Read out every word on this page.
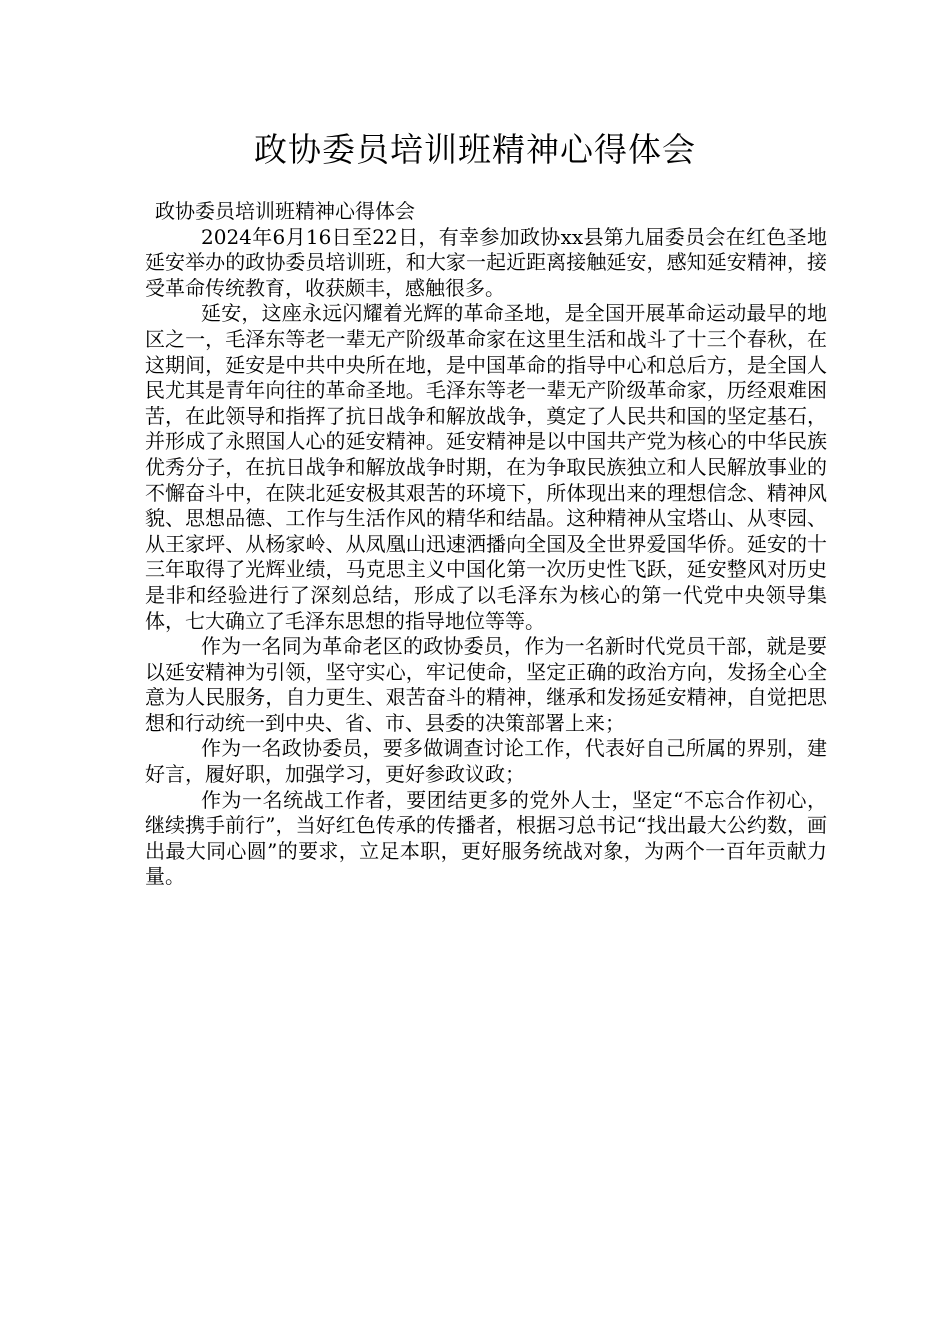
政协委员培训班精神心得体会

政协委员培训班精神心得体会

2024年6月16日至22日，有幸参加政协xx县第九届委员会在红色圣地延安举办的政协委员培训班，和大家一起近距离接触延安，感知延安精神，接受革命传统教育，收获颇丰，感触很多。

延安，这座永远闪耀着光辉的革命圣地，是全国开展革命运动最早的地区之一，毛泽东等老一辈无产阶级革命家在这里生活和战斗了十三个春秋，在这期间，延安是中共中央所在地，是中国革命的指导中心和总后方，是全国人民尤其是青年向往的革命圣地。毛泽东等老一辈无产阶级革命家，历经艰难困苦，在此领导和指挥了抗日战争和解放战争，奠定了人民共和国的坚定基石，并形成了永照国人心的延安精神。延安精神是以中国共产党为核心的中华民族优秀分子，在抗日战争和解放战争时期，在为争取民族独立和人民解放事业的不懈奋斗中，在陕北延安极其艰苦的环境下，所体现出来的理想信念、精神风貌、思想品德、工作与生活作风的精华和结晶。这种精神从宝塔山、从枣园、从王家坪、从杨家岭、从凤凰山迅速洒播向全国及全世界爱国华侨。延安的十三年取得了光辉业绩，马克思主义中国化第一次历史性飞跃，延安整风对历史是非和经验进行了深刻总结，形成了以毛泽东为核心的第一代党中央领导集体，七大确立了毛泽东思想的指导地位等等。

作为一名同为革命老区的政协委员，作为一名新时代党员干部，就是要以延安精神为引领，坚守实心，牢记使命，坚定正确的政治方向，发扬全心全意为人民服务，自力更生、艰苦奋斗的精神，继承和发扬延安精神，自觉把思想和行动统一到中央、省、市、县委的决策部署上来；

作为一名政协委员，要多做调查讨论工作，代表好自己所属的界别，建好言，履好职，加强学习，更好参政议政；

作为一名统战工作者，要团结更多的党外人士，坚定“不忘合作初心，继续携手前行”，当好红色传承的传播者，根据习总书记“找出最大公约数，画出最大同心圆”的要求，立足本职，更好服务统战对象，为两个一百年贡献力量。
